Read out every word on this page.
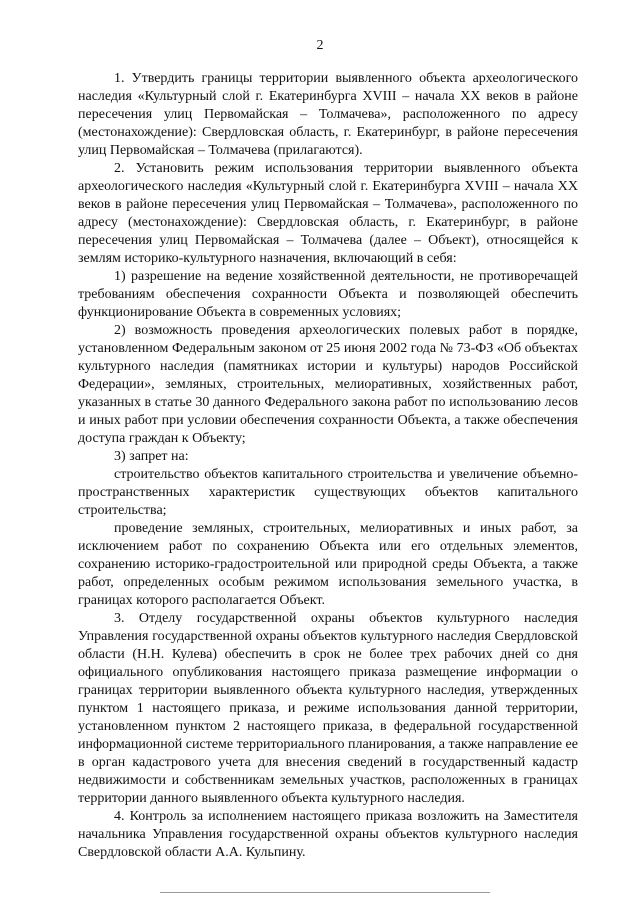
2

1. Утвердить границы территории выявленного объекта археологического наследия «Культурный слой г. Екатеринбурга XVIII – начала XX веков в районе пересечения улиц Первомайская – Толмачева», расположенного по адресу (местонахождение): Свердловская область, г. Екатеринбург, в районе пересечения улиц Первомайская – Толмачева (прилагаются).

2. Установить режим использования территории выявленного объекта археологического наследия «Культурный слой г. Екатеринбурга XVIII – начала XX веков в районе пересечения улиц Первомайская – Толмачева», расположенного по адресу (местонахождение): Свердловская область, г. Екатеринбург, в районе пересечения улиц Первомайская – Толмачева (далее – Объект), относящейся к землям историко-культурного назначения, включающий в себя:

1) разрешение на ведение хозяйственной деятельности, не противоречащей требованиям обеспечения сохранности Объекта и позволяющей обеспечить функционирование Объекта в современных условиях;

2) возможность проведения археологических полевых работ в порядке, установленном Федеральным законом от 25 июня 2002 года № 73-ФЗ «Об объектах культурного наследия (памятниках истории и культуры) народов Российской Федерации», земляных, строительных, мелиоративных, хозяйственных работ, указанных в статье 30 данного Федерального закона работ по использованию лесов и иных работ при условии обеспечения сохранности Объекта, а также обеспечения доступа граждан к Объекту;

3) запрет на:

строительство объектов капитального строительства и увеличение объемно-пространственных характеристик существующих объектов капитального строительства;

проведение земляных, строительных, мелиоративных и иных работ, за исключением работ по сохранению Объекта или его отдельных элементов, сохранению историко-градостроительной или природной среды Объекта, а также работ, определенных особым режимом использования земельного участка, в границах которого располагается Объект.

3. Отделу государственной охраны объектов культурного наследия Управления государственной охраны объектов культурного наследия Свердловской области (Н.Н. Кулева) обеспечить в срок не более трех рабочих дней со дня официального опубликования настоящего приказа размещение информации о границах территории выявленного объекта культурного наследия, утвержденных пунктом 1 настоящего приказа, и режиме использования данной территории, установленном пунктом 2 настоящего приказа, в федеральной государственной информационной системе территориального планирования, а также направление ее в орган кадастрового учета для внесения сведений в государственный кадастр недвижимости и собственникам земельных участков, расположенных в границах территории данного выявленного объекта культурного наследия.

4. Контроль за исполнением настоящего приказа возложить на Заместителя начальника Управления государственной охраны объектов культурного наследия Свердловской области А.А. Кульпину.
